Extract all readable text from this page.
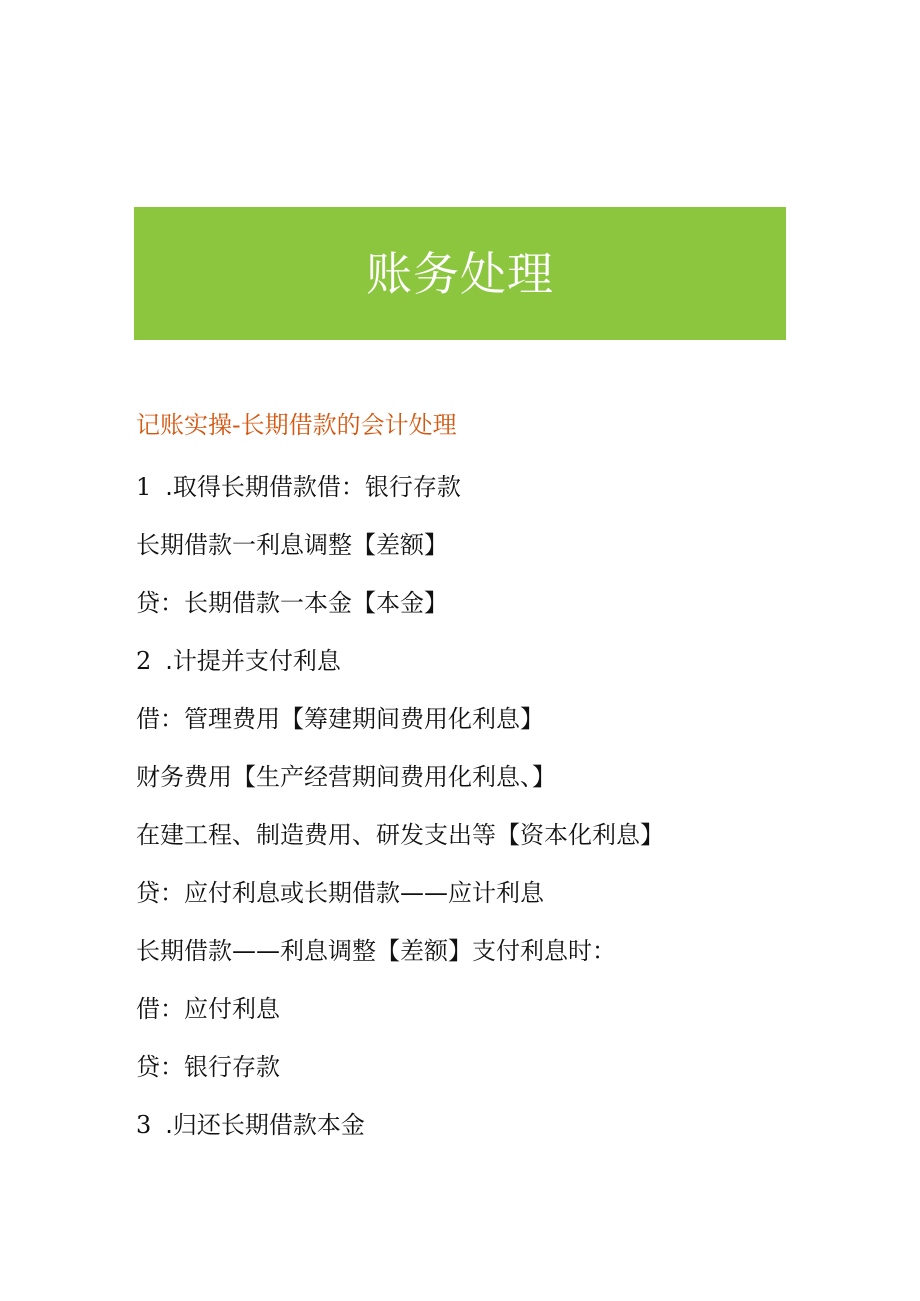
账务处理
记账实操-长期借款的会计处理
1 .取得长期借款借：银行存款
长期借款一利息调整【差额】
贷：长期借款一本金【本金】
2 .计提并支付利息
借：管理费用【筹建期间费用化利息】
财务费用【生产经营期间费用化利息、】
在建工程、制造费用、研发支出等【资本化利息】
贷：应付利息或长期借款——应计利息
长期借款——利息调整【差额】支付利息时：
借：应付利息
贷：银行存款
3 .归还长期借款本金
